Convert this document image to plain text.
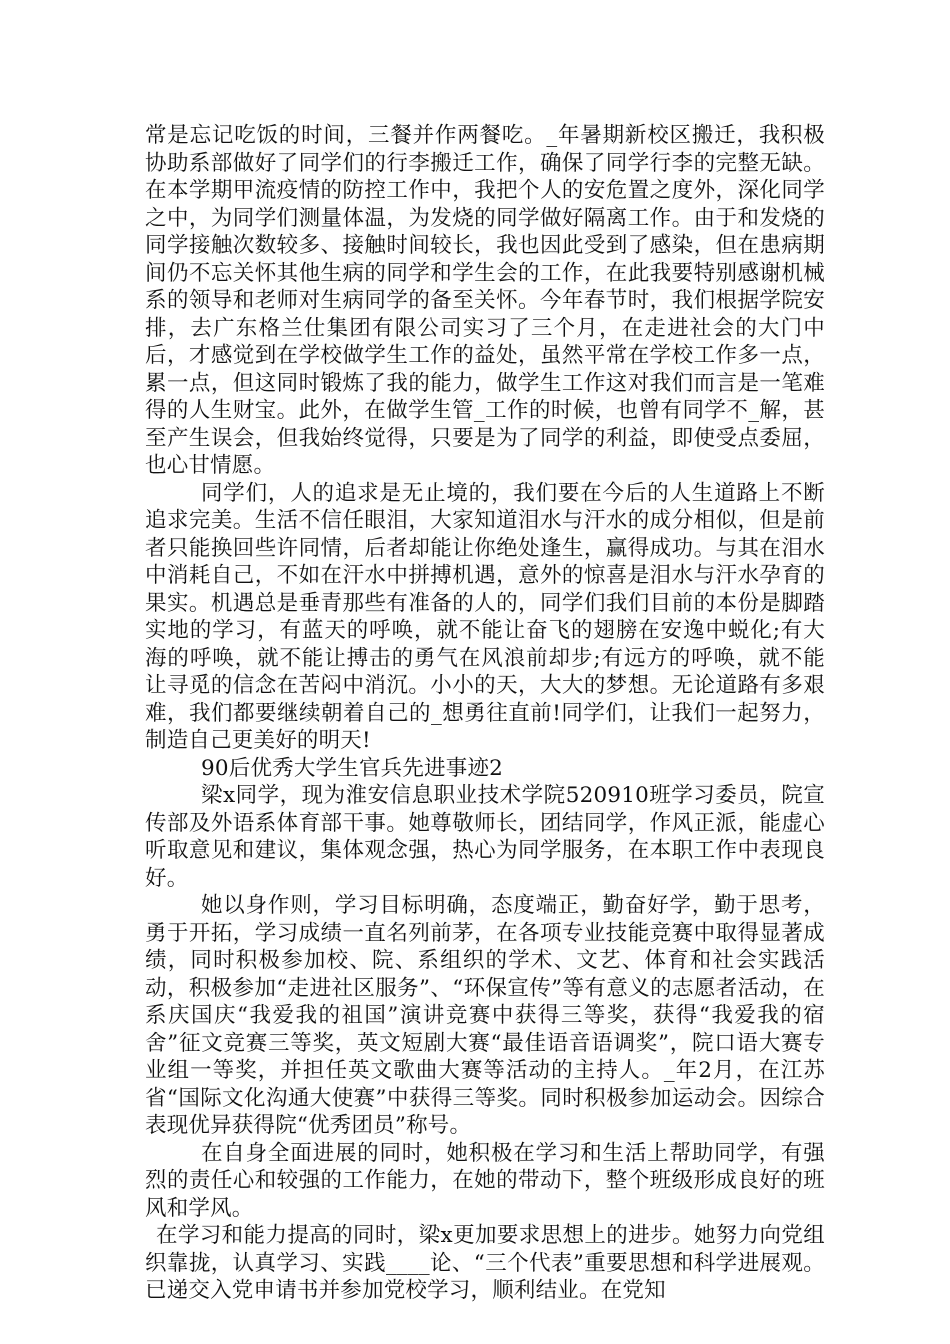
常是忘记吃饭的时间，三餐并作两餐吃。_年暑期新校区搬迁，我积极协助系部做好了同学们的行李搬迁工作，确保了同学行李的完整无缺。在本学期甲流疫情的防控工作中，我把个人的安危置之度外，深化同学之中，为同学们测量体温，为发烧的同学做好隔离工作。由于和发烧的同学接触次数较多、接触时间较长，我也因此受到了感染，但在患病期间仍不忘关怀其他生病的同学和学生会的工作，在此我要特别感谢机械系的领导和老师对生病同学的备至关怀。今年春节时，我们根据学院安排，去广东格兰仕集团有限公司实习了三个月，在走进社会的大门中后，才感觉到在学校做学生工作的益处，虽然平常在学校工作多一点，累一点，但这同时锻炼了我的能力，做学生工作这对我们而言是一笔难得的人生财宝。此外，在做学生管_工作的时候，也曾有同学不_解，甚至产生误会，但我始终觉得，只要是为了同学的利益，即使受点委屈，也心甘情愿。

同学们，人的追求是无止境的，我们要在今后的人生道路上不断追求完美。生活不信任眼泪，大家知道泪水与汗水的成分相似，但是前者只能换回些许同情，后者却能让你绝处逢生，赢得成功。与其在泪水中消耗自己，不如在汗水中拼搏机遇，意外的惊喜是泪水与汗水孕育的果实。机遇总是垂青那些有准备的人的，同学们我们目前的本份是脚踏实地的学习，有蓝天的呼唤，就不能让奋飞的翅膀在安逸中蜕化;有大海的呼唤，就不能让搏击的勇气在风浪前却步;有远方的呼唤，就不能让寻觅的信念在苦闷中消沉。小小的天，大大的梦想。无论道路有多艰难，我们都要继续朝着自己的_想勇往直前!同学们，让我们一起努力，制造自己更美好的明天!

90后优秀大学生官兵先进事迹2

梁x同学，现为淮安信息职业技术学院520910班学习委员，院宣传部及外语系体育部干事。她尊敬师长，团结同学，作风正派，能虚心听取意见和建议，集体观念强，热心为同学服务，在本职工作中表现良好。

她以身作则，学习目标明确，态度端正，勤奋好学，勤于思考，勇于开拓，学习成绩一直名列前茅，在各项专业技能竞赛中取得显著成绩，同时积极参加校、院、系组织的学术、文艺、体育和社会实践活动，积极参加“走进社区服务”、“环保宣传”等有意义的志愿者活动，在系庆国庆“我爱我的祖国”演讲竞赛中获得三等奖，获得“我爱我的宿舍”征文竞赛三等奖，英文短剧大赛“最佳语音语调奖”，院口语大赛专业组一等奖，并担任英文歌曲大赛等活动的主持人。_年2月，在江苏省“国际文化沟通大使赛”中获得三等奖。同时积极参加运动会。因综合表现优异获得院“优秀团员”称号。

在自身全面进展的同时，她积极在学习和生活上帮助同学，有强烈的责任心和较强的工作能力，在她的带动下，整个班级形成良好的班风和学风。

在学习和能力提高的同时，梁x更加要求思想上的进步。她努力向党组织靠拢，认真学习、实践____论、“三个代表”重要思想和科学进展观。已递交入党申请书并参加党校学习，顺利结业。在党知
